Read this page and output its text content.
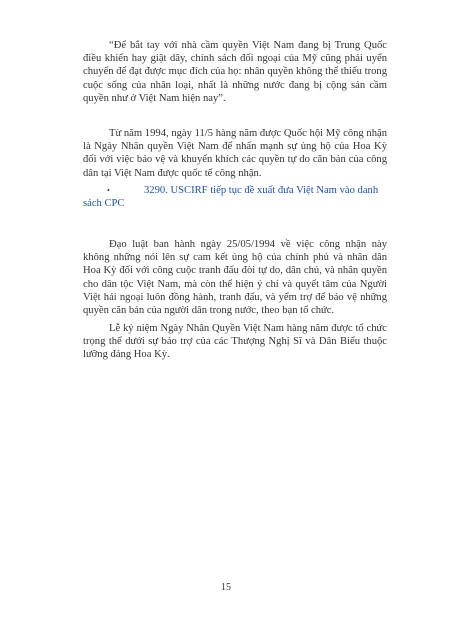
“Để bắt tay với nhà cầm quyền Việt Nam đang bị Trung Quốc điều khiển hay giật dây, chính sách đối ngoại của Mỹ cũng phải uyển chuyển để đạt được mục đích của họ: nhân quyền không thể thiếu trong cuộc sống của nhân loại, nhất là những nước đang bị cộng sản cầm quyền như ở Việt Nam hiện nay”.

Từ năm 1994, ngày 11/5 hàng năm được Quốc hội Mỹ công nhận là Ngày Nhân quyền Việt Nam để nhấn mạnh sự ủng hộ của Hoa Kỳ đối với việc bảo vệ và khuyến khích các quyền tự do căn bản của công dân tại Việt Nam được quốc tế công nhận.

•	3290. USCIRF tiếp tục đề xuất đưa Việt Nam vào danh sách CPC

Đạo luật ban hành ngày 25/05/1994 về việc công nhận này không những nói lên sự cam kết ủng hộ của chính phủ và nhân dân Hoa Kỳ đối với công cuộc tranh đấu đòi tự do, dân chủ, và nhân quyền cho dân tộc Việt Nam, mà còn thể hiện ý chí và quyết tâm của Người Việt hải ngoại luôn đồng hành, tranh đấu, và yểm trợ để bảo vệ những quyền căn bản của người dân trong nước, theo bạn tổ chức.

Lễ kỷ niệm Ngày Nhân Quyền Việt Nam hàng năm được tổ chức trọng thể dưới sự bảo trợ của các Thượng Nghị Sĩ và Dân Biểu thuộc lưỡng đảng Hoa Kỳ.

15
